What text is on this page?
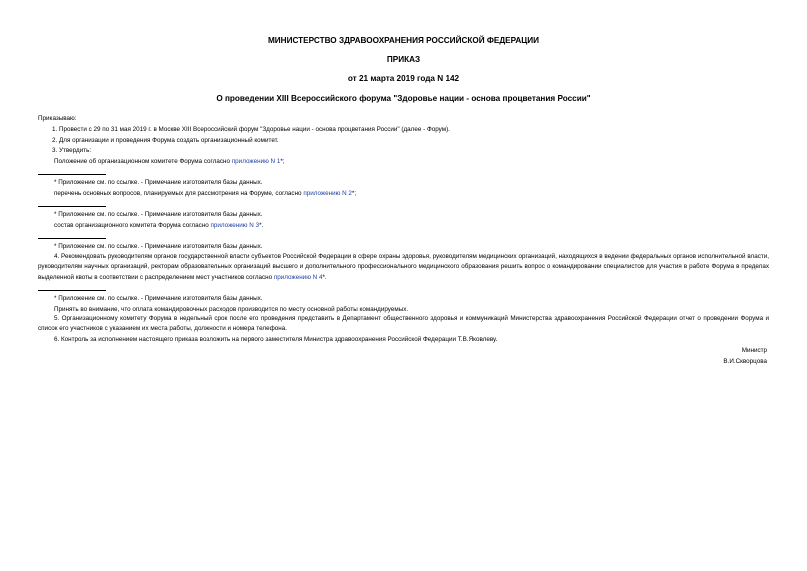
МИНИСТЕРСТВО ЗДРАВООХРАНЕНИЯ РОССИЙСКОЙ ФЕДЕРАЦИИ
ПРИКАЗ
от 21 марта 2019 года N 142
О проведении XIII Всероссийского форума "Здоровье нации - основа процветания России"
Приказываю:
1. Провести с 29 по 31 мая 2019 г. в Москве XIII Всероссийский форум "Здоровье нации - основа процветания России" (далее - Форум).
2. Для организации и проведения Форума создать организационный комитет.
3. Утвердить:
Положение об организационном комитете Форума согласно приложению N 1*;
* Приложение см. по ссылке. - Примечание изготовителя базы данных.
перечень основных вопросов, планируемых для рассмотрения на Форуме, согласно приложению N 2*;
* Приложение см. по ссылке. - Примечание изготовителя базы данных.
состав организационного комитета Форума согласно приложению N 3*.
* Приложение см. по ссылке. - Примечание изготовителя базы данных.

4. Рекомендовать руководителям органов государственной власти субъектов Российской Федерации в сфере охраны здоровья, руководителям медицинских организаций, находящихся в ведении федеральных органов исполнительной власти, руководителям научных организаций, ректорам образовательных организаций высшего и дополнительного профессионального медицинского образования решить вопрос о командировании специалистов для участия в работе Форума в пределах выделенной квоты в соответствии с распределением мест участников согласно приложению N 4*.

* Приложение см. по ссылке. - Примечание изготовителя базы данных.
Принять во внимание, что оплата командировочных расходов производится по месту основной работы командируемых.

5. Организационному комитету Форума в недельный срок после его проведения представить в Департамент общественного здоровья и коммуникаций Министерства здравоохранения Российской Федерации отчет о проведении Форума и список его участников с указанием их места работы, должности и номера телефона.

6. Контроль за исполнением настоящего приказа возложить на первого заместителя Министра здравоохранения Российской Федерации Т.В.Яковлеву.
Министр
В.И.Скворцова
